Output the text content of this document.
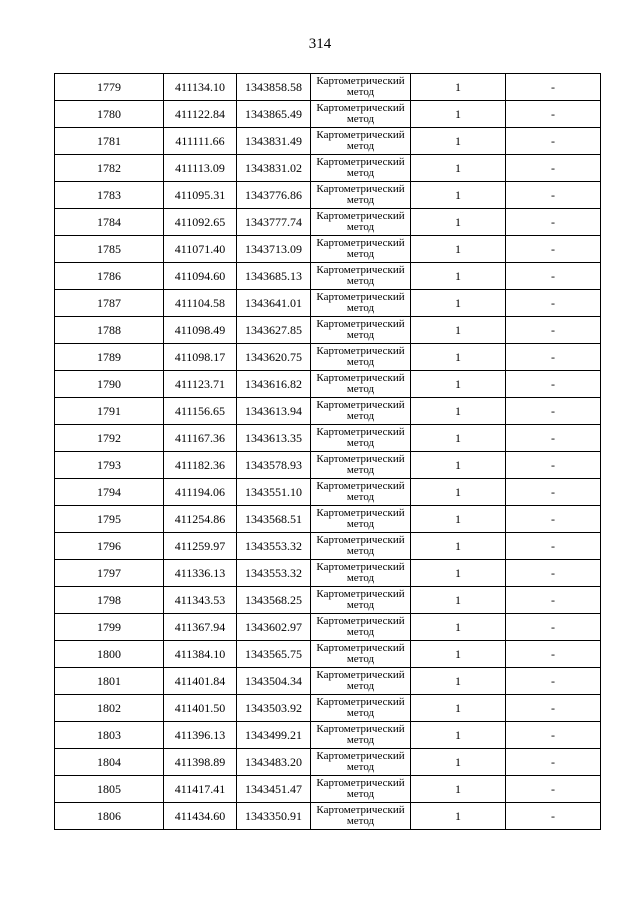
314
1779	411134.10	1343858.58	Картометрический метод	1	-
1780	411122.84	1343865.49	Картометрический метод	1	-
1781	411111.66	1343831.49	Картометрический метод	1	-
1782	411113.09	1343831.02	Картометрический метод	1	-
1783	411095.31	1343776.86	Картометрический метод	1	-
1784	411092.65	1343777.74	Картометрический метод	1	-
1785	411071.40	1343713.09	Картометрический метод	1	-
1786	411094.60	1343685.13	Картометрический метод	1	-
1787	411104.58	1343641.01	Картометрический метод	1	-
1788	411098.49	1343627.85	Картометрический метод	1	-
1789	411098.17	1343620.75	Картометрический метод	1	-
1790	411123.71	1343616.82	Картометрический метод	1	-
1791	411156.65	1343613.94	Картометрический метод	1	-
1792	411167.36	1343613.35	Картометрический метод	1	-
1793	411182.36	1343578.93	Картометрический метод	1	-
1794	411194.06	1343551.10	Картометрический метод	1	-
1795	411254.86	1343568.51	Картометрический метод	1	-
1796	411259.97	1343553.32	Картометрический метод	1	-
1797	411336.13	1343553.32	Картометрический метод	1	-
1798	411343.53	1343568.25	Картометрический метод	1	-
1799	411367.94	1343602.97	Картометрический метод	1	-
1800	411384.10	1343565.75	Картометрический метод	1	-
1801	411401.84	1343504.34	Картометрический метод	1	-
1802	411401.50	1343503.92	Картометрический метод	1	-
1803	411396.13	1343499.21	Картометрический метод	1	-
1804	411398.89	1343483.20	Картометрический метод	1	-
1805	411417.41	1343451.47	Картометрический метод	1	-
1806	411434.60	1343350.91	Картометрический метод	1	-
